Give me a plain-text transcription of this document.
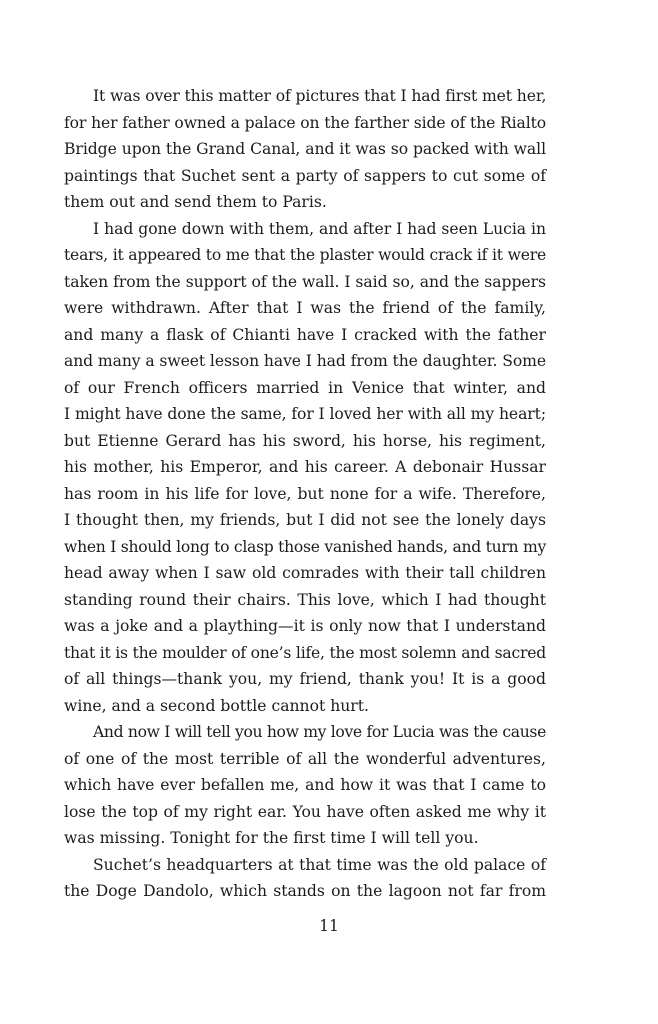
It was over this matter of pictures that I had first met her,
for her father owned a palace on the farther side of the Rialto
Bridge upon the Grand Canal, and it was so packed with wall
paintings that Suchet sent a party of sappers to cut some of
them out and send them to Paris.
I had gone down with them, and after I had seen Lucia in
tears, it appeared to me that the plaster would crack if it were
taken from the support of the wall. I said so, and the sappers
were withdrawn. After that I was the friend of the family,
and many a flask of Chianti have I cracked with the father
and many a sweet lesson have I had from the daughter. Some
of our French officers married in Venice that winter, and
I might have done the same, for I loved her with all my heart;
but Etienne Gerard has his sword, his horse, his regiment,
his mother, his Emperor, and his career. A debonair Hussar
has room in his life for love, but none for a wife. Therefore,
I thought then, my friends, but I did not see the lonely days
when I should long to clasp those vanished hands, and turn my
head away when I saw old comrades with their tall children
standing round their chairs. This love, which I had thought
was a joke and a plaything—it is only now that I understand
that it is the moulder of one’s life, the most solemn and sacred
of all things—thank you, my friend, thank you! It is a good
wine, and a second bottle cannot hurt.
And now I will tell you how my love for Lucia was the cause
of one of the most terrible of all the wonderful adventures,
which have ever befallen me, and how it was that I came to
lose the top of my right ear. You have often asked me why it
was missing. Tonight for the first time I will tell you.
Suchet’s headquarters at that time was the old palace of
the Doge Dandolo, which stands on the lagoon not far from
11
